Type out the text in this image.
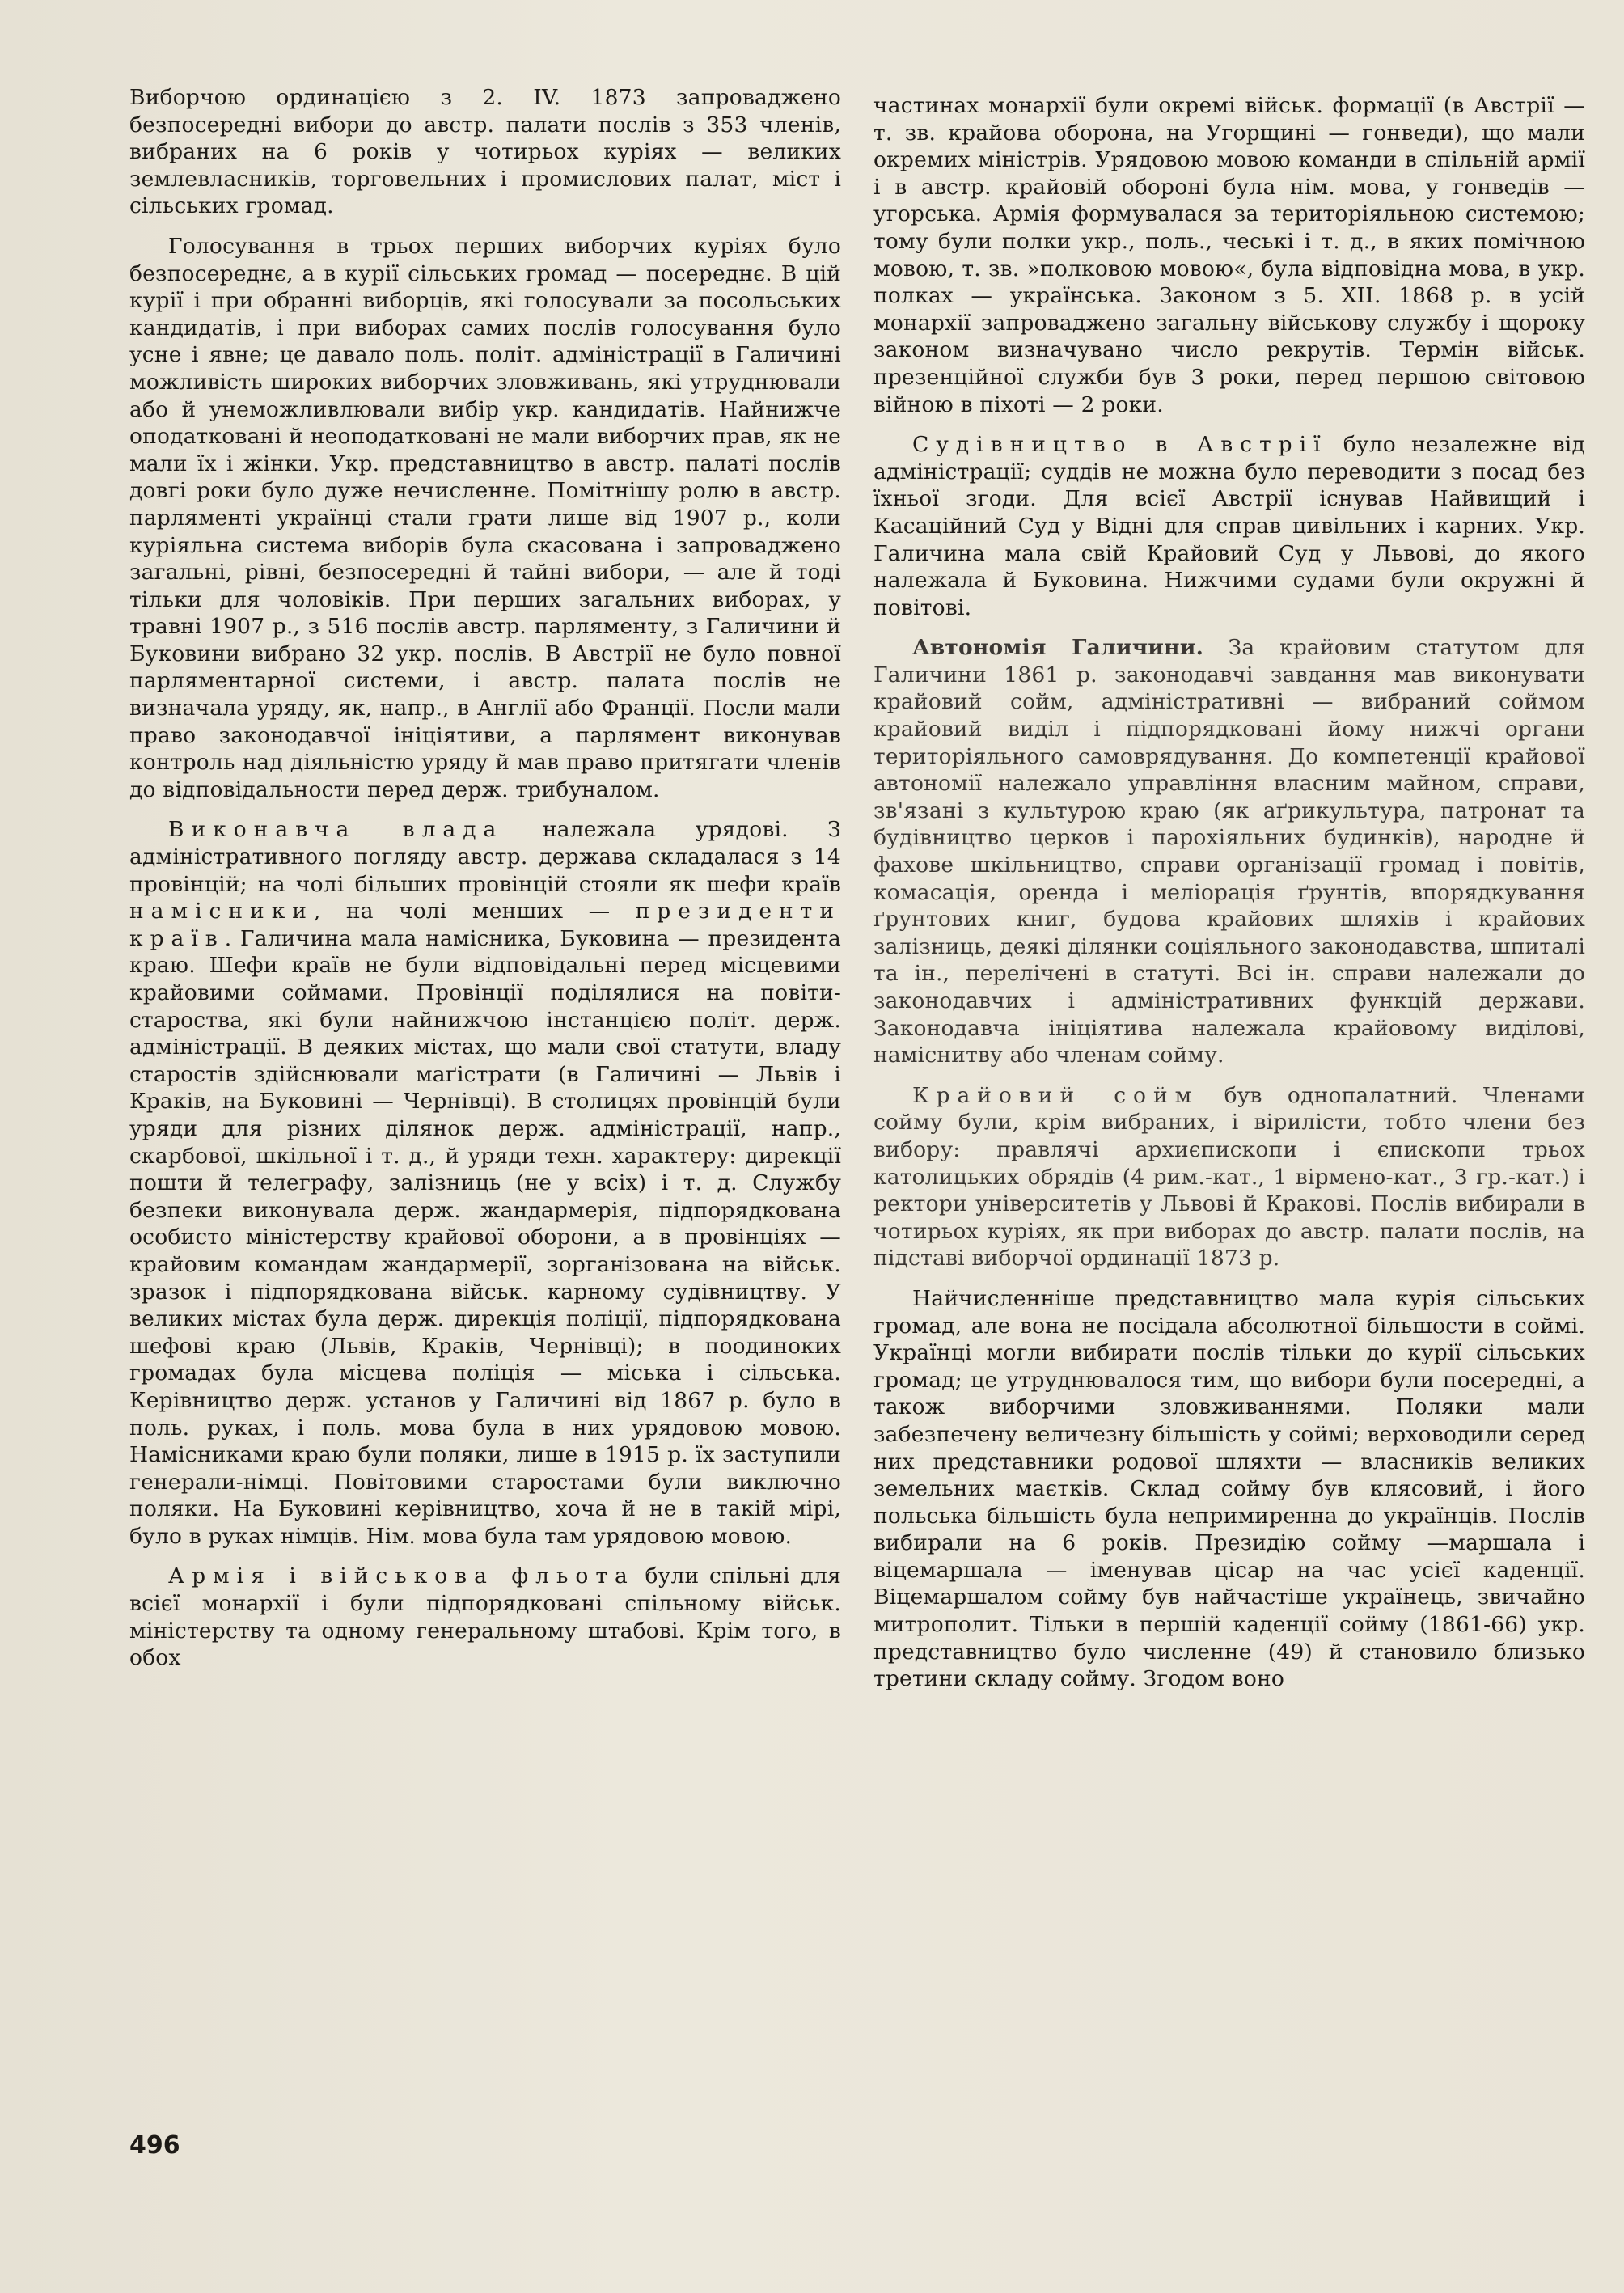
Виборчою ординацією з 2. IV. 1873 запроваджено безпосередні вибори до австр. палати послів з 353 членів, вибраних на 6 років у чотирьох куріях — великих землевласників, торговельних і промислових палат, міст і сільських громад.

Голосування в трьох перших виборчих куріях було безпосереднє, а в курії сільських громад — посереднє. В цій курії і при обранні виборців, які голосували за посольських кандидатів, і при виборах самих послів голосування було усне і явне; це давало поль. політ. адміністрації в Галичині можливість широких виборчих зловживань, які утруднювали або й унеможливлювали вибір укр. кандидатів. Найнижче оподатковані й неоподатковані не мали виборчих прав, як не мали їх і жінки. Укр. представництво в австр. палаті послів довгі роки було дуже нечисленне. Помітнішу ролю в австр. парляменті українці стали грати лише від 1907 р., коли куріяльна система виборів була скасована і запроваджено загальні, рівні, безпосередні й тайні вибори, — але й тоді тільки для чоловіків. При перших загальних виборах, у травні 1907 р., з 516 послів австр. парляменту, з Галичини й Буковини вибрано 32 укр. послів. В Австрії не було повної парляментарної системи, і австр. палата послів не визначала уряду, як, напр., в Англії або Франції. Посли мали право законодавчої ініціятиви, а парлямент виконував контроль над діяльністю уряду й мав право притягати членів до відповідальности перед держ. трибуналом.

Виконавча влада належала урядові. З адміністративного погляду австр. держава складалася з 14 провінцій; на чолі більших провінцій стояли як шефи країв намісники, на чолі менших — президенти країв. Галичина мала намісника, Буковина — президента краю. Шефи країв не були відповідальні перед місцевими крайовими соймами. Провінції поділялися на повіти-староства, які були найнижчою інстанцією політ. держ. адміністрації. В деяких містах, що мали свої статути, владу старостів здійснювали маґістрати (в Галичині — Львів і Краків, на Буковині — Чернівці). В столицях провінцій були уряди для різних ділянок держ. адміністрації, напр., скарбової, шкільної і т. д., й уряди техн. характеру: дирекції пошти й телеграфу, залізниць (не у всіх) і т. д. Службу безпеки виконувала держ. жандармерія, підпорядкована особисто міністерству крайової оборони, а в провінціях — крайовим командам жандармерії, зорганізована на військ. зразок і підпорядкована військ. карному судівництву. У великих містах була держ. дирекція поліції, підпорядкована шефові краю (Львів, Краків, Чернівці); в поодиноких громадах була місцева поліція — міська і сільська. Керівництво держ. установ у Галичині від 1867 р. було в поль. руках, і поль. мова була в них урядовою мовою. Намісниками краю були поляки, лише в 1915 р. їх заступили генерали-німці. Повітовими старостами були виключно поляки. На Буковині керівництво, хоча й не в такій мірі, було в руках німців. Нім. мова була там урядовою мовою.

Армія і військова фльота були спільні для всієї монархії і були підпорядковані спільному військ. міністерству та одному генеральному штабові. Крім того, в обох

частинах монархії були окремі військ. формації (в Австрії — т. зв. крайова оборона, на Угорщині — гонведи), що мали окремих міністрів. Урядовою мовою команди в спільній армії і в австр. крайовій обороні була нім. мова, у гонведів — угорська. Армія формувалася за територіяльною системою; тому були полки укр., поль., чеські і т. д., в яких помічною мовою, т. зв. »полковою мовою«, була відповідна мова, в укр. полках — українська. Законом з 5. XII. 1868 р. в усій монархії запроваджено загальну військову службу і щороку законом визначувано число рекрутів. Термін військ. презенційної служби був 3 роки, перед першою світовою війною в піхоті — 2 роки.

Судівництво в Австрії було незалежне від адміністрації; суддів не можна було переводити з посад без їхньої згоди. Для всієї Австрії існував Найвищий і Касаційний Суд у Відні для справ цивільних і карних. Укр. Галичина мала свій Крайовий Суд у Львові, до якого належала й Буковина. Нижчими судами були окружні й повітові.

Автономія Галичини. За крайовим статутом для Галичини 1861 р. законодавчі завдання мав виконувати крайовий сойм, адміністративні — вибраний соймом крайовий виділ і підпорядковані йому нижчі органи територіяльного самоврядування. До компетенції крайової автономії належало управління власним майном, справи, зв'язані з культурою краю (як аґрикультура, патронат та будівництво церков і парохіяльних будинків), народне й фахове шкільництво, справи організації громад і повітів, комасація, оренда і меліорація ґрунтів, впорядкування ґрунтових книг, будова крайових шляхів і крайових залізниць, деякі ділянки соціяльного законодавства, шпиталі та ін., перелічені в статуті. Всі ін. справи належали до законодавчих і адміністративних функцій держави. Законодавча ініціятива належала крайовому виділові, наміснитву або членам сойму.

Крайовий сойм був однопалатний. Членами сойму були, крім вибраних, і віриліcти, тобто члени без вибору: правлячі архиєпископи і єпископи трьох католицьких обрядів (4 рим.-кат., 1 вірмено-кат., 3 гр.-кат.) і ректори університетів у Львові й Кракові. Послів вибирали в чотирьох куріях, як при виборах до австр. палати послів, на підставі виборчої ординації 1873 р.

Найчисленніше представництво мала курія сільських громад, але вона не посідала абсолютної більшости в соймі. Українці могли вибирати послів тільки до курії сільських громад; це утруднювалося тим, що вибори були посередні, а також виборчими зловживаннями. Поляки мали забезпечену величезну більшість у соймі; верховодили серед них представники родової шляхти — власників великих земельних маєтків. Склад сойму був клясовий, і його польська більшість була непримиренна до українців. Послів вибирали на 6 років. Президію сойму —маршала і віцемаршала — іменував цісар на час усієї каденції. Віцемаршалом сойму був найчастіше українець, звичайно митрополит. Тільки в першій каденції сойму (1861-66) укр. представництво було численне (49) й становило близько третини складу сойму. Згодом воно

496
